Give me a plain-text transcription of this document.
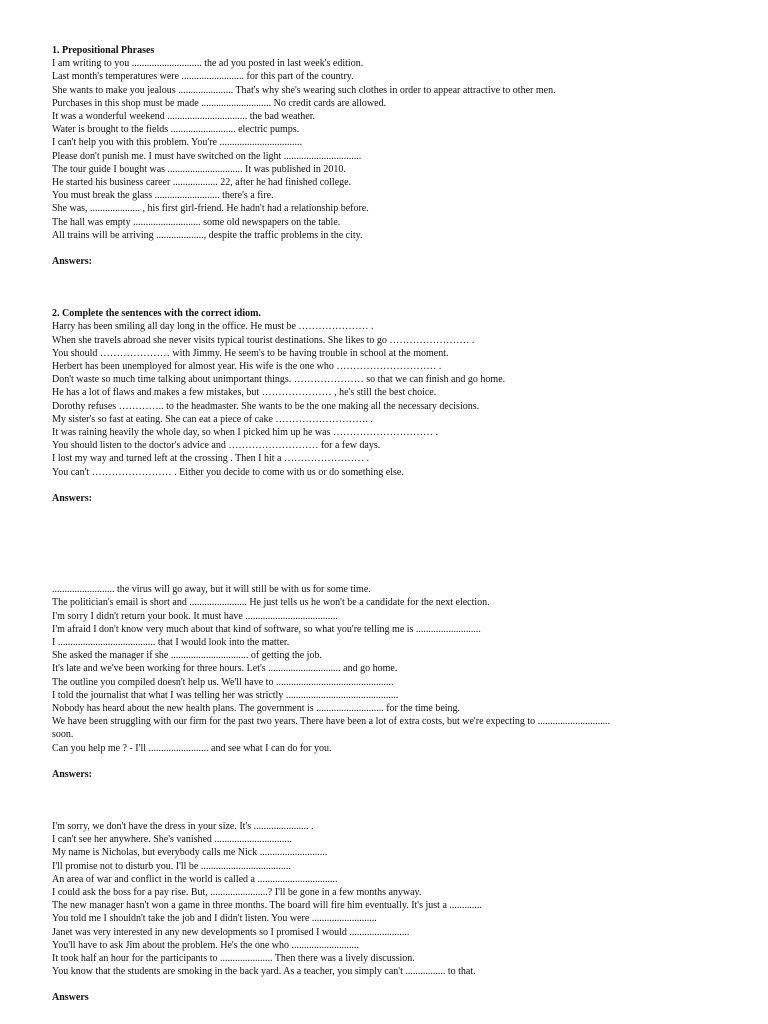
1. Prepositional Phrases
I am writing to you ............................ the ad you posted in last week's edition.
Last month's temperatures were ......................... for this part of the country.
She wants to make you jealous ...................... That's why she's wearing such clothes in order to appear attractive to other men.
Purchases in this shop must be made ............................ No credit cards are allowed.
It was a wonderful weekend ................................ the bad weather.
Water is brought to the fields .......................... electric pumps.
I can't help you with this problem. You're .................................
Please don't punish me. I must have switched on the light ...............................
The tour guide I bought was .............................. It was published in 2010.
He started his business career .................. 22, after he had finished college.
You must break the glass .......................... there's a fire.
She was, .................... , his first girl-friend. He hadn't had a relationship before.
The hall was empty ........................... some old newspapers on the table.
All trains will be arriving ..................., despite the traffic problems in the city.
Answers:
2. Complete the sentences with the correct idiom.
Harry has been smiling all day long in the office. He must be ………………… .
When she travels abroad she never visits typical tourist destinations. She likes to go …………………… .
You should ………………… with Jimmy. He seem's to be having trouble in school at the moment.
Herbert has been unemployed for almost year. His wife is the one who ………………………… .
Don't waste so much time talking about unimportant things. ………………… so that we can finish and go home.
He has a lot of flaws and makes a few mistakes, but ………………… , he's still the best choice.
Dorothy refuses ………….. to the headmaster. She wants to be the one making all the necessary decisions.
My sister's so fast at eating. She can eat a piece of cake ………………………. .
It was raining heavily the whole day, so when I picked him up he was ………………………… .
You should listen to the doctor's advice and ……………………… for a few days.
I lost my way and turned left at the crossing . Then I hit a …………………… .
You can't …………………… . Either you decide to come with us or do something else.
Answers:
......................... the virus will go away, but it will still be with us for some time.
The politician's email is short and ....................... He just tells us he won't be a candidate for the next election.
I'm sorry I didn't return your book. It must have .....................................
I'm afraid I don't know very much about that kind of software, so what you're telling me is ..........................
I ....................................... that I would look into the matter.
She asked the manager if she ............................... of getting the job.
It's late and we've been working for three hours. Let's ............................. and go home.
The outline you compiled doesn't help us. We'll have to ...............................................
I told the journalist that what I was telling her was strictly .............................................
Nobody has heard about the new health plans. The government is ........................... for the time being.
We have been struggling with our firm for the past two years. There have been a lot of extra costs, but we're expecting to .............................
soon.
Can you help me ? - I'll ........................ and see what I can do for you.
Answers:
I'm sorry, we don't have the dress in your size. It's ...................... .
I can't see her anywhere. She's vanished ...............................
My name is Nicholas, but everybody calls me Nick ...........................
I'll promise not to disturb you. I'll be ....................................
An area of war and conflict in the world is called a ................................
I could ask the boss for a pay rise. But, .......................? I'll be gone in a few months anyway.
The new manager hasn't won a game in three months. The board will fire him eventually. It's just a .............
You told me I shouldn't take the job and I didn't listen. You were ..........................
Janet was very interested in any new developments so I promised I would ........................
You'll have to ask Jim about the problem. He's the one who ...........................
It took half an hour for the participants to ..................... Then there was a lively discussion.
You know that the students are smoking in the back yard. As a teacher, you simply can't ................ to that.
Answers
